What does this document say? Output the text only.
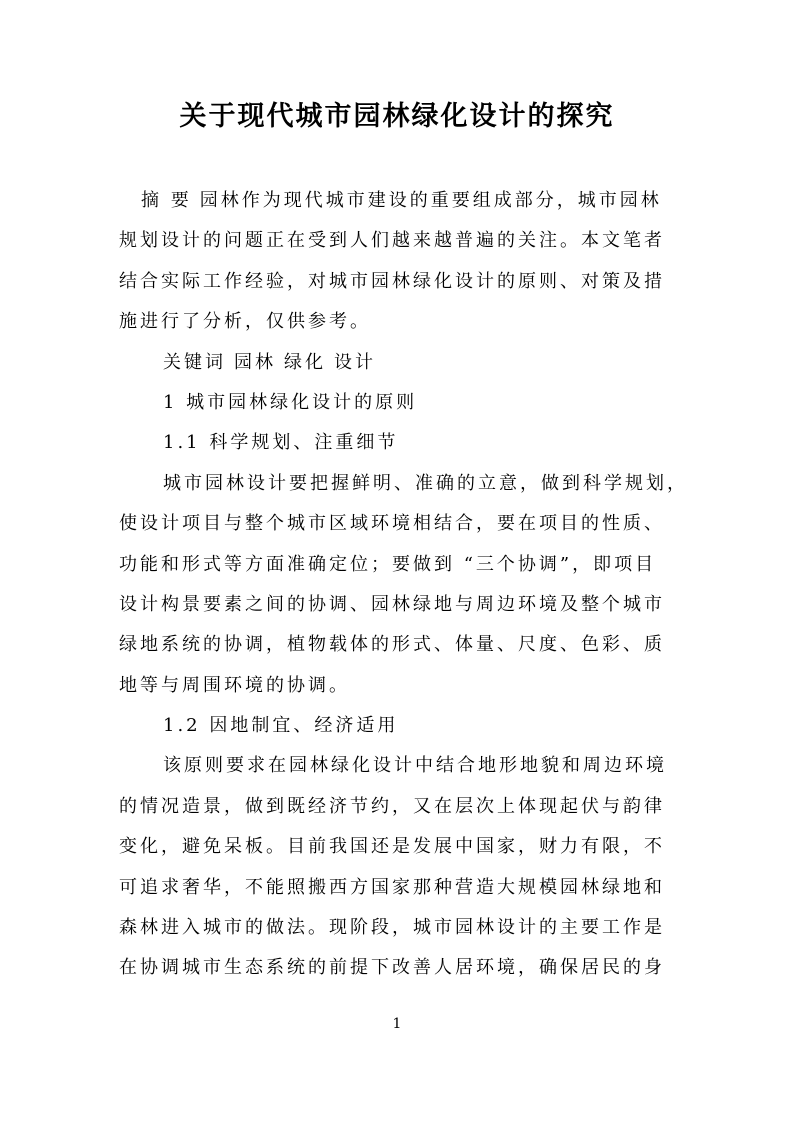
关于现代城市园林绿化设计的探究

摘 要 园林作为现代城市建设的重要组成部分，城市园林

规划设计的问题正在受到人们越来越普遍的关注。本文笔者

结合实际工作经验，对城市园林绿化设计的原则、对策及措

施进行了分析，仅供参考。

关键词 园林 绿化 设计

1 城市园林绿化设计的原则

1.1 科学规划、注重细节

城市园林设计要把握鲜明、准确的立意，做到科学规划，

使设计项目与整个城市区域环境相结合，要在项目的性质、

功能和形式等方面准确定位；要做到 “三个协调”，即项目

设计构景要素之间的协调、园林绿地与周边环境及整个城市

绿地系统的协调，植物载体的形式、体量、尺度、色彩、质

地等与周围环境的协调。

1.2 因地制宜、经济适用

该原则要求在园林绿化设计中结合地形地貌和周边环境

的情况造景，做到既经济节约，又在层次上体现起伏与韵律

变化，避免呆板。目前我国还是发展中国家，财力有限，不

可追求奢华，不能照搬西方国家那种营造大规模园林绿地和

森林进入城市的做法。现阶段，城市园林设计的主要工作是

在协调城市生态系统的前提下改善人居环境，确保居民的身

1
